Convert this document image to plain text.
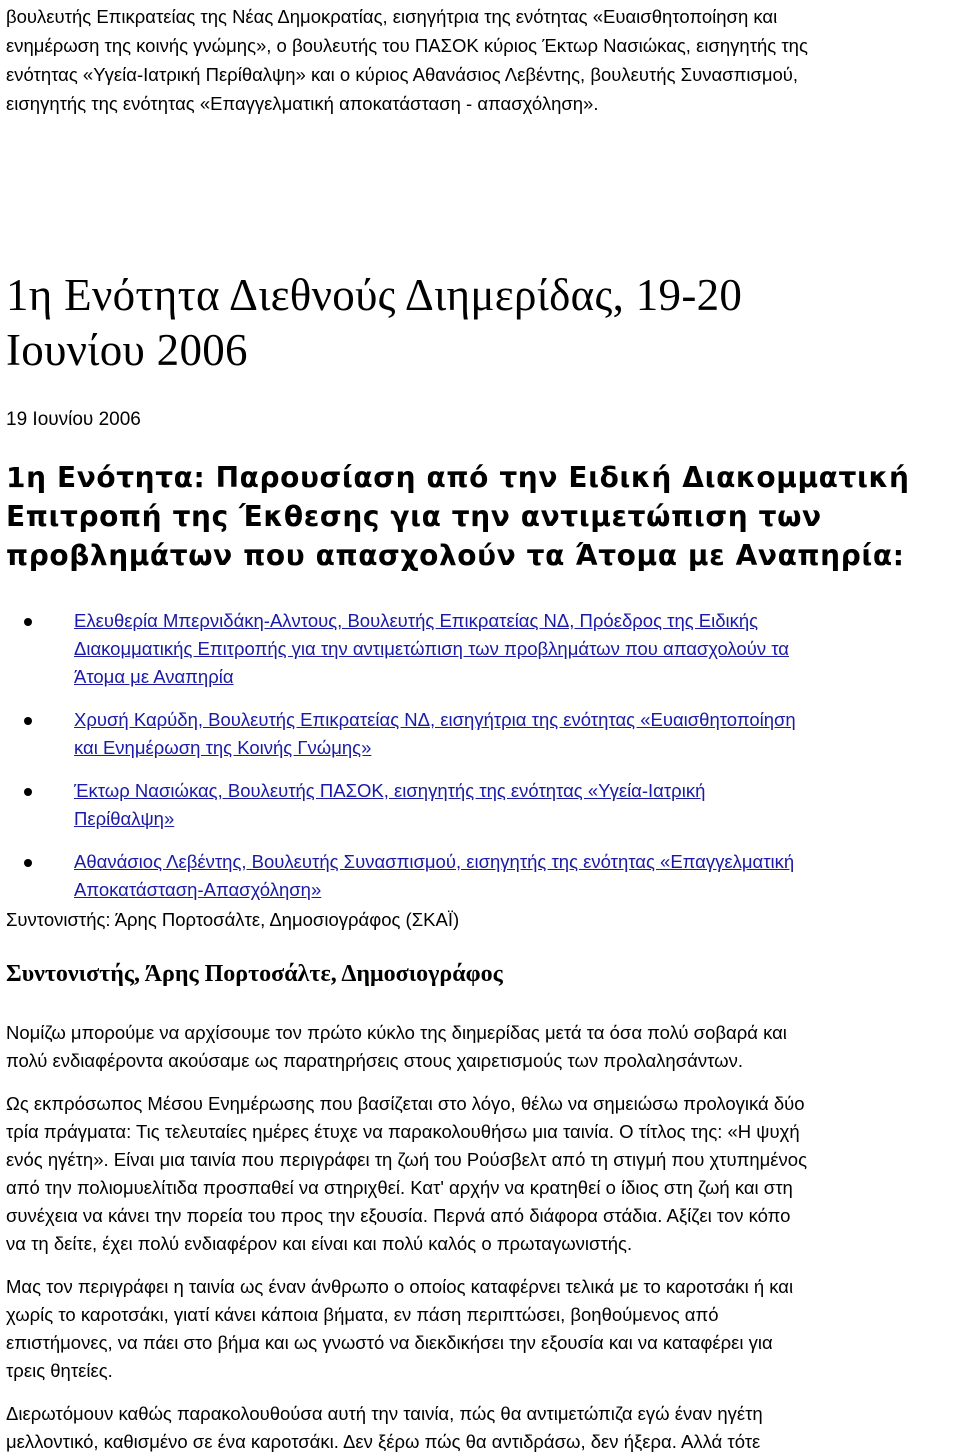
βουλευτής Επικρατείας της Νέας Δημοκρατίας, εισηγήτρια της ενότητας «Ευαισθητοποίηση και
ενημέρωση της κοινής γνώμης», ο βουλευτής του ΠΑΣΟΚ κύριος Έκτωρ Νασιώκας, εισηγητής της
ενότητας «Υγεία-Ιατρική Περίθαλψη» και ο κύριος Αθανάσιος Λεβέντης, βουλευτής Συνασπισμού,
εισηγητής της ενότητας «Επαγγελματική αποκατάσταση - απασχόληση».

1η Ενότητα Διεθνούς Διημερίδας, 19-20
Ιουνίου 2006
19 Ιουνίου 2006
1η Ενότητα: Παρουσίαση από την Ειδική Διακομματική
Επιτροπή της Έκθεσης για την αντιμετώπιση των
προβλημάτων που απασχολούν τα Άτομα με Αναπηρία:
Ελευθερία Μπερνιδάκη-Αλντους, Βουλευτής Επικρατείας ΝΔ, Πρόεδρος της Ειδικής
Διακομματικής Επιτροπής για την αντιμετώπιση των προβλημάτων που απασχολούν τα
Άτομα με Αναπηρία
Χρυσή Καρύδη, Βουλευτής Επικρατείας ΝΔ, εισηγήτρια της ενότητας «Ευαισθητοποίηση
και Ενημέρωση της Κοινής Γνώμης»
Έκτωρ Νασιώκας, Βουλευτής ΠΑΣΟΚ, εισηγητής της ενότητας «Υγεία-Ιατρική
Περίθαλψη»
Αθανάσιος Λεβέντης, Βουλευτής Συνασπισμού, εισηγητής της ενότητας «Επαγγελματική
Αποκατάσταση-Απασχόληση»

Συντονιστής: Άρης Πορτοσάλτε, Δημοσιογράφος (ΣΚΑΪ)

Συντονιστής, Άρης Πορτοσάλτε, Δημοσιογράφος

Νομίζω μπορούμε να αρχίσουμε τον πρώτο κύκλο της διημερίδας μετά τα όσα πολύ σοβαρά και
πολύ ενδιαφέροντα ακούσαμε ως παρατηρήσεις στους χαιρετισμούς των προλαλησάντων.

Ως εκπρόσωπος Μέσου Ενημέρωσης που βασίζεται στο λόγο, θέλω να σημειώσω προλογικά δύο
τρία πράγματα: Τις τελευταίες ημέρες έτυχε να παρακολουθήσω μια ταινία. Ο τίτλος της: «Η ψυχή
ενός ηγέτη». Είναι μια ταινία που περιγράφει τη ζωή του Ρούσβελτ από τη στιγμή που χτυπημένος
από την πολιομυελίτιδα προσπαθεί να στηριχθεί. Κατ' αρχήν να κρατηθεί ο ίδιος στη ζωή και στη
συνέχεια να κάνει την πορεία του προς την εξουσία. Περνά από διάφορα στάδια. Αξίζει τον κόπο
να τη δείτε, έχει πολύ ενδιαφέρον και είναι και πολύ καλός ο πρωταγωνιστής.

Μας τον περιγράφει η ταινία ως έναν άνθρωπο ο οποίος καταφέρνει τελικά με το καροτσάκι ή και
χωρίς το καροτσάκι, γιατί κάνει κάποια βήματα, εν πάση περιπτώσει, βοηθούμενος από
επιστήμονες, να πάει στο βήμα και ως γνωστό να διεκδικήσει την εξουσία και να καταφέρει για
τρεις θητείες.

Διερωτόμουν καθώς παρακολουθούσα αυτή την ταινία, πώς θα αντιμετώπιζα εγώ έναν ηγέτη
μελλοντικό, καθισμένο σε ένα καροτσάκι. Δεν ξέρω πώς θα αντιδράσω, δεν ήξερα. Αλλά τότε
